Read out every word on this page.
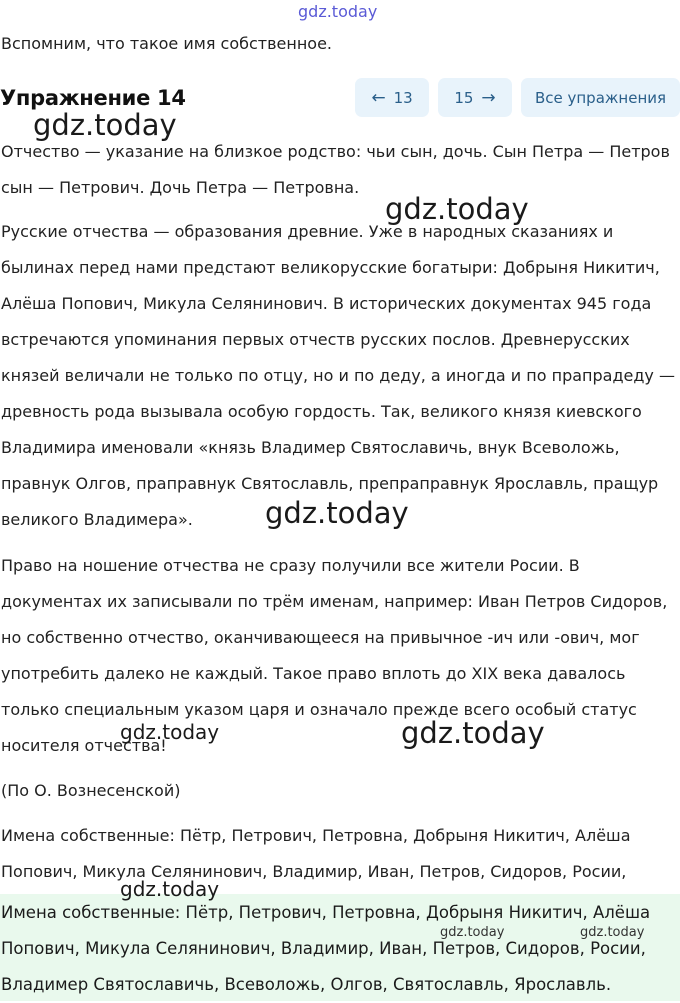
gdz.today
Вспомним, что такое имя собственное.
Упражнение 14	← 13	15 →	Все упражнения
Отчество — указание на близкое родство: чьи сын, дочь. Сын Петра — Петров сын — Петрович. Дочь Петра — Петровна.
Русские отчества — образования древние. Уже в народных сказаниях и былинах перед нами предстают великорусские богатыри: Добрыня Никитич, Алёша Попович, Микула Селянинович. В исторических документах 945 года встречаются упоминания первых отчеств русских послов. Древнерусских князей величали не только по отцу, но и по деду, а иногда и по прапрадеду — древность рода вызывала особую гордость. Так, великого князя киевского Владимира именовали «князь Владимер Святославичь, внук Всеволожь, правнук Олгов, праправнук Святославль, препраправнук Ярославль, пращур великого Владимера».
Право на ношение отчества не сразу получили все жители Росии. В документах их записывали по трём именам, например: Иван Петров Сидоров, но собственно отчество, оканчивающееся на привычное -ич или -ович, мог употребить далеко не каждый. Такое право вплоть до XIX века давалось только специальным указом царя и означало прежде всего особый статус носителя отчества!
(По О. Вознесенской)
Имена собственные: Пётр, Петрович, Петровна, Добрыня Никитич, Алёша Попович, Микула Селянинович, Владимир, Иван, Петров, Сидоров, Росии,
Имена собственные: Пётр, Петрович, Петровна, Добрыня Никитич, Алёша Попович, Микула Селянинович, Владимир, Иван, Петров, Сидоров, Росии, Владимер Святославичь, Всеволожь, Олгов, Святославль, Ярославль.
gdz.today
gdz.today
gdz.today
gdz.today	gdz.today
gdz.today
gdz.today	gdz.today
